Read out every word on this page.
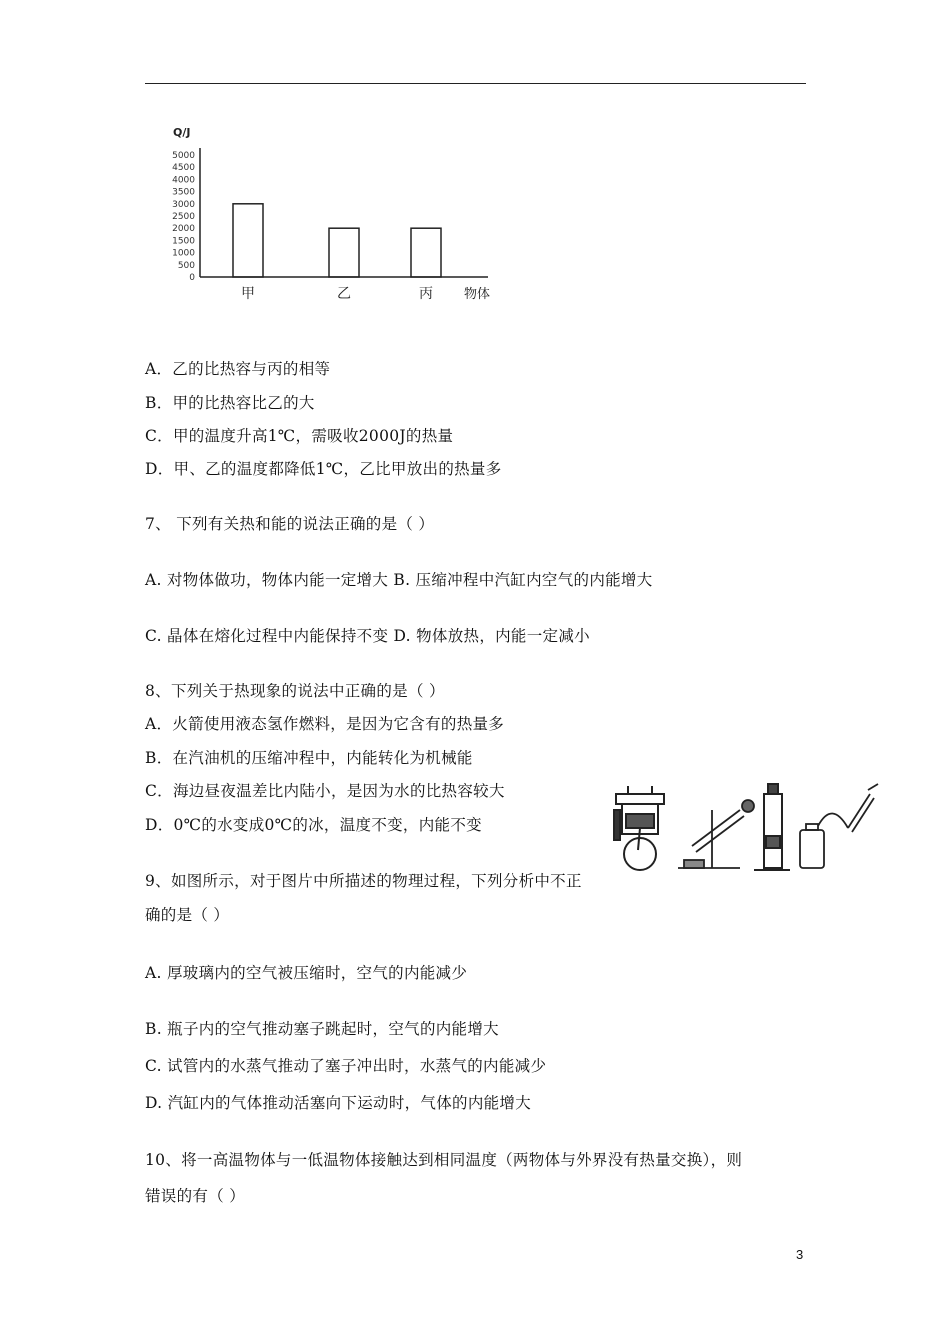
Q/J
0
500
1000
1500
2000
2500
3000
3500
4000
4500
5000
甲	乙	丙 物体
A．乙的比热容与丙的相等
B．甲的比热容比乙的大
C．甲的温度升高1℃，需吸收2000J的热量
D．甲、乙的温度都降低1℃，乙比甲放出的热量多
7、 下列有关热和能的说法正确的是（ ）
A. 对物体做功，物体内能一定增大 B. 压缩冲程中汽缸内空气的内能增大
C. 晶体在熔化过程中内能保持不变 D. 物体放热，内能一定减小
8、下列关于热现象的说法中正确的是（ ）
A．火箭使用液态氢作燃料，是因为它含有的热量多
B．在汽油机的压缩冲程中，内能转化为机械能
C．海边昼夜温差比内陆小，是因为水的比热容较大
D．0℃的水变成0℃的冰，温度不变，内能不变
9、如图所示，对于图片中所描述的物理过程，下列分析中不正
确的是（ ）
A. 厚玻璃内的空气被压缩时，空气的内能减少
B. 瓶子内的空气推动塞子跳起时，空气的内能增大
C. 试管内的水蒸气推动了塞子冲出时，水蒸气的内能减少
D. 汽缸内的气体推动活塞向下运动时，气体的内能增大
10、将一高温物体与一低温物体接触达到相同温度（两物体与外界没有热量交换），则
错误的有（ ）
3
